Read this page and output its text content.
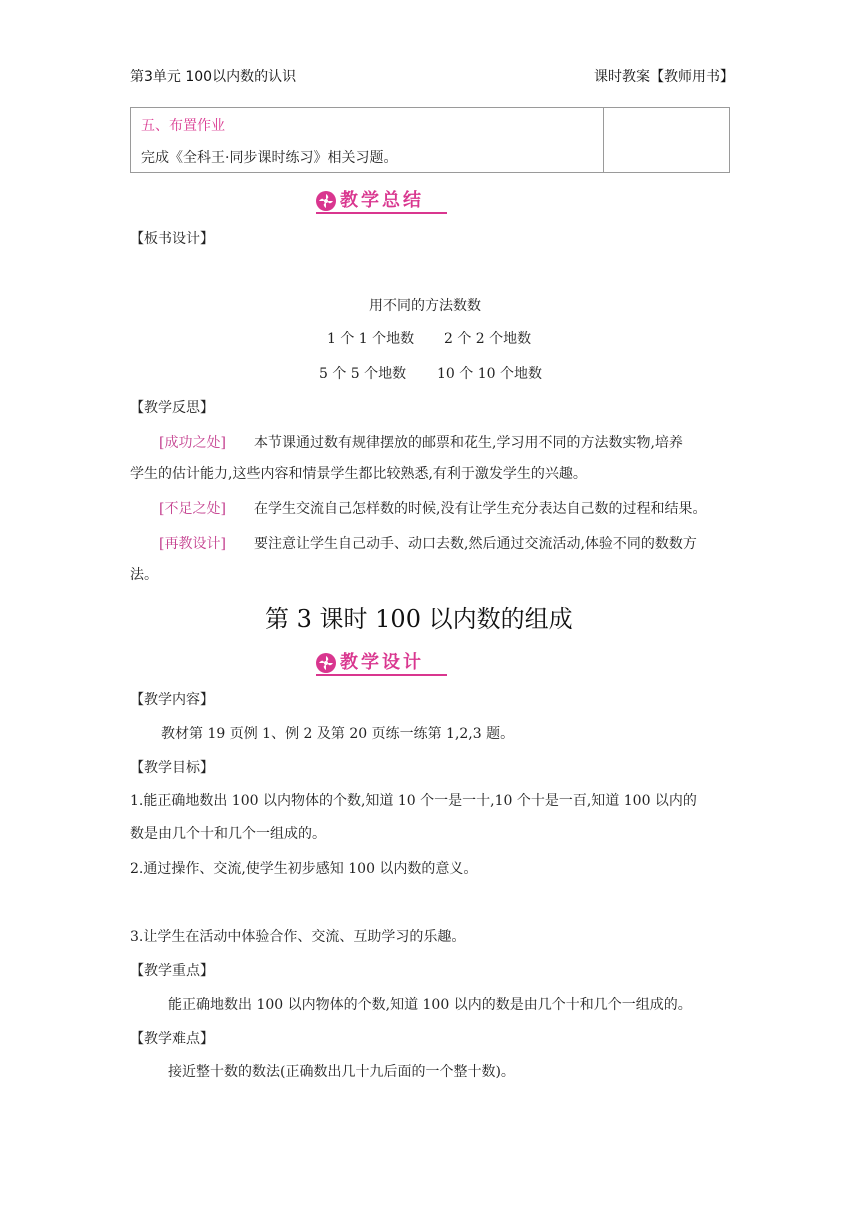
第3单元 100以内数的认识	课时教案【教师用书】
五、布置作业
完成《全科王·同步课时练习》相关习题。
教学总结
【板书设计】
用不同的方法数数
1 个 1 个地数 2 个 2 个地数
5 个 5 个地数 10 个 10 个地数
【教学反思】
[成功之处] 本节课通过数有规律摆放的邮票和花生,学习用不同的方法数实物,培养
学生的估计能力,这些内容和情景学生都比较熟悉,有利于激发学生的兴趣。
[不足之处] 在学生交流自己怎样数的时候,没有让学生充分表达自己数的过程和结果。
[再教设计] 要注意让学生自己动手、动口去数,然后通过交流活动,体验不同的数数方
法。
第 3 课时 100 以内数的组成
教学设计
【教学内容】
教材第 19 页例 1、例 2 及第 20 页练一练第 1,2,3 题。
【教学目标】
1.能正确地数出 100 以内物体的个数,知道 10 个一是一十,10 个十是一百,知道 100 以内的
数是由几个十和几个一组成的。
2.通过操作、交流,使学生初步感知 100 以内数的意义。
3.让学生在活动中体验合作、交流、互助学习的乐趣。
【教学重点】
能正确地数出 100 以内物体的个数,知道 100 以内的数是由几个十和几个一组成的。
【教学难点】
接近整十数的数法(正确数出几十九后面的一个整十数)。
